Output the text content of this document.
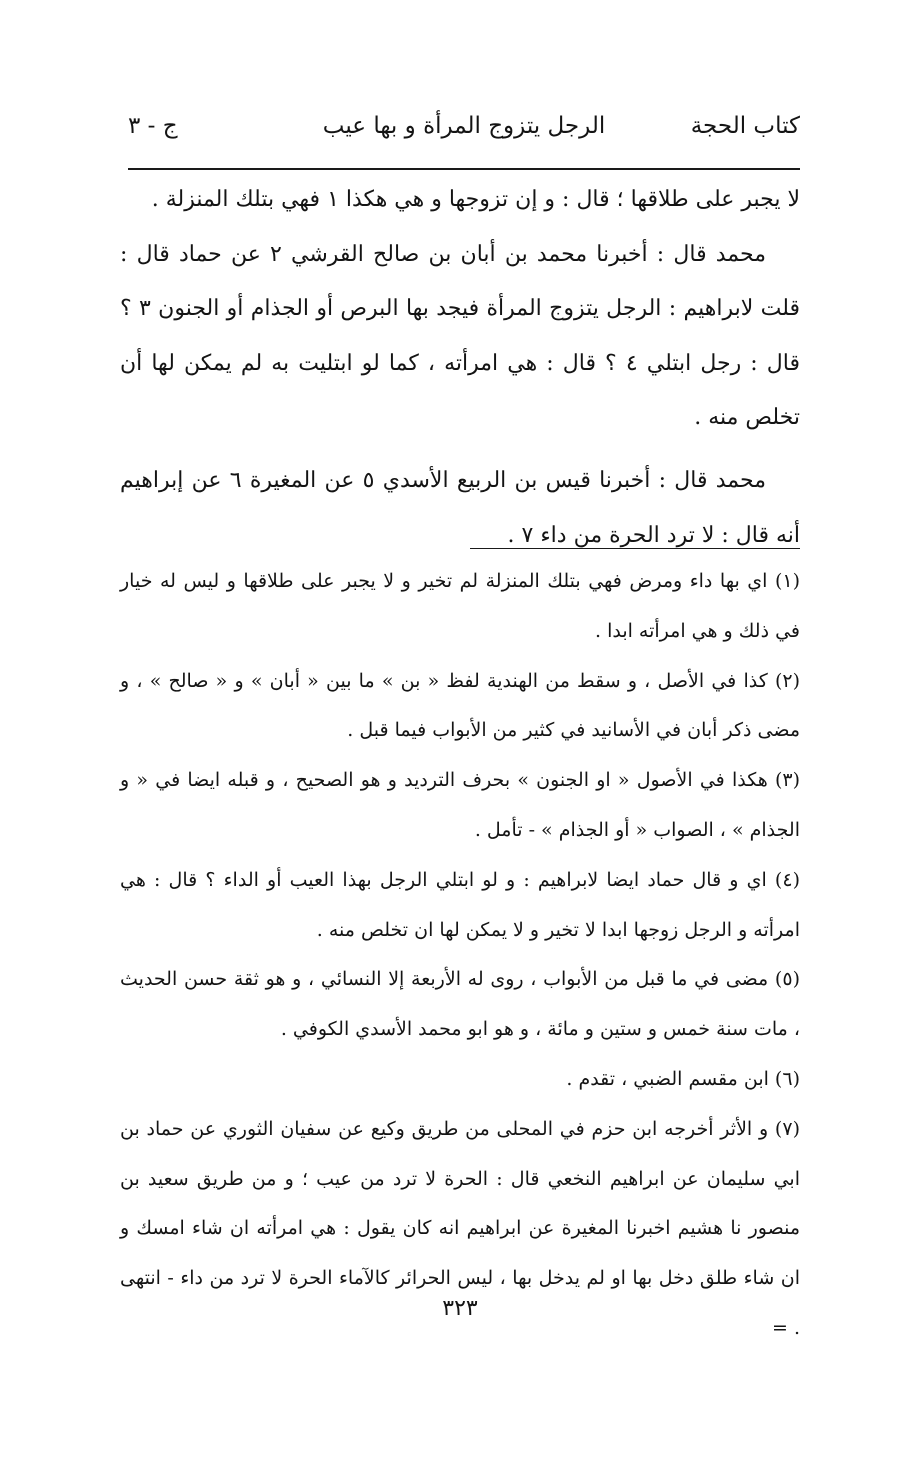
كتاب الحجة
الرجل يتزوج المرأة و بها عيب
ج - ٣

لا يجبر على طلاقها ؛ قال : و إن تزوجها و هي هكذا ١ فهي بتلك المنزلة .

محمد قال : أخبرنا محمد بن أبان بن صالح القرشي ٢ عن حماد قال : قلت لابراهيم : الرجل يتزوج المرأة فيجد بها البرص أو الجذام أو الجنون ٣ ؟ قال : رجل ابتلي ٤ ؟ قال : هي امرأته ، كما لو ابتليت به لم يمكن لها أن تخلص منه .

محمد قال : أخبرنا قيس بن الربيع الأسدي ٥ عن المغيرة ٦ عن إبراهيم أنه قال : لا ترد الحرة من داء ٧ .

(١) اي بها داء ومرض فهي بتلك المنزلة لم تخير و لا يجبر على طلاقها و ليس له خيار في ذلك و هي امرأته ابدا .

(٢) كذا في الأصل ، و سقط من الهندية لفظ « بن » ما بين « أبان » و « صالح » ، و مضى ذكر أبان في الأسانيد في كثير من الأبواب فيما قبل .

(٣) هكذا في الأصول « او الجنون » بحرف الترديد و هو الصحيح ، و قبله ايضا في « و الجذام » ، الصواب « أو الجذام » - تأمل .

(٤) اي و قال حماد ايضا لابراهيم : و لو ابتلي الرجل بهذا العيب أو الداء ؟ قال : هي امرأته و الرجل زوجها ابدا لا تخير و لا يمكن لها ان تخلص منه .

(٥) مضى في ما قبل من الأبواب ، روى له الأربعة إلا النسائي ، و هو ثقة حسن الحديث ، مات سنة خمس و ستين و مائة ، و هو ابو محمد الأسدي الكوفي .

(٦) ابن مقسم الضبي ، تقدم .

(٧) و الأثر أخرجه ابن حزم في المحلى من طريق وكيع عن سفيان الثوري عن حماد بن ابي سليمان عن ابراهيم النخعي قال : الحرة لا ترد من عيب ؛ و من طريق سعيد بن منصور نا هشيم اخبرنا المغيرة عن ابراهيم انه كان يقول : هي امرأته ان شاء امسك و ان شاء طلق دخل بها او لم يدخل بها ، ليس الحرائر كالآماء الحرة لا ترد من داء - انتهى . =

٣٢٣
